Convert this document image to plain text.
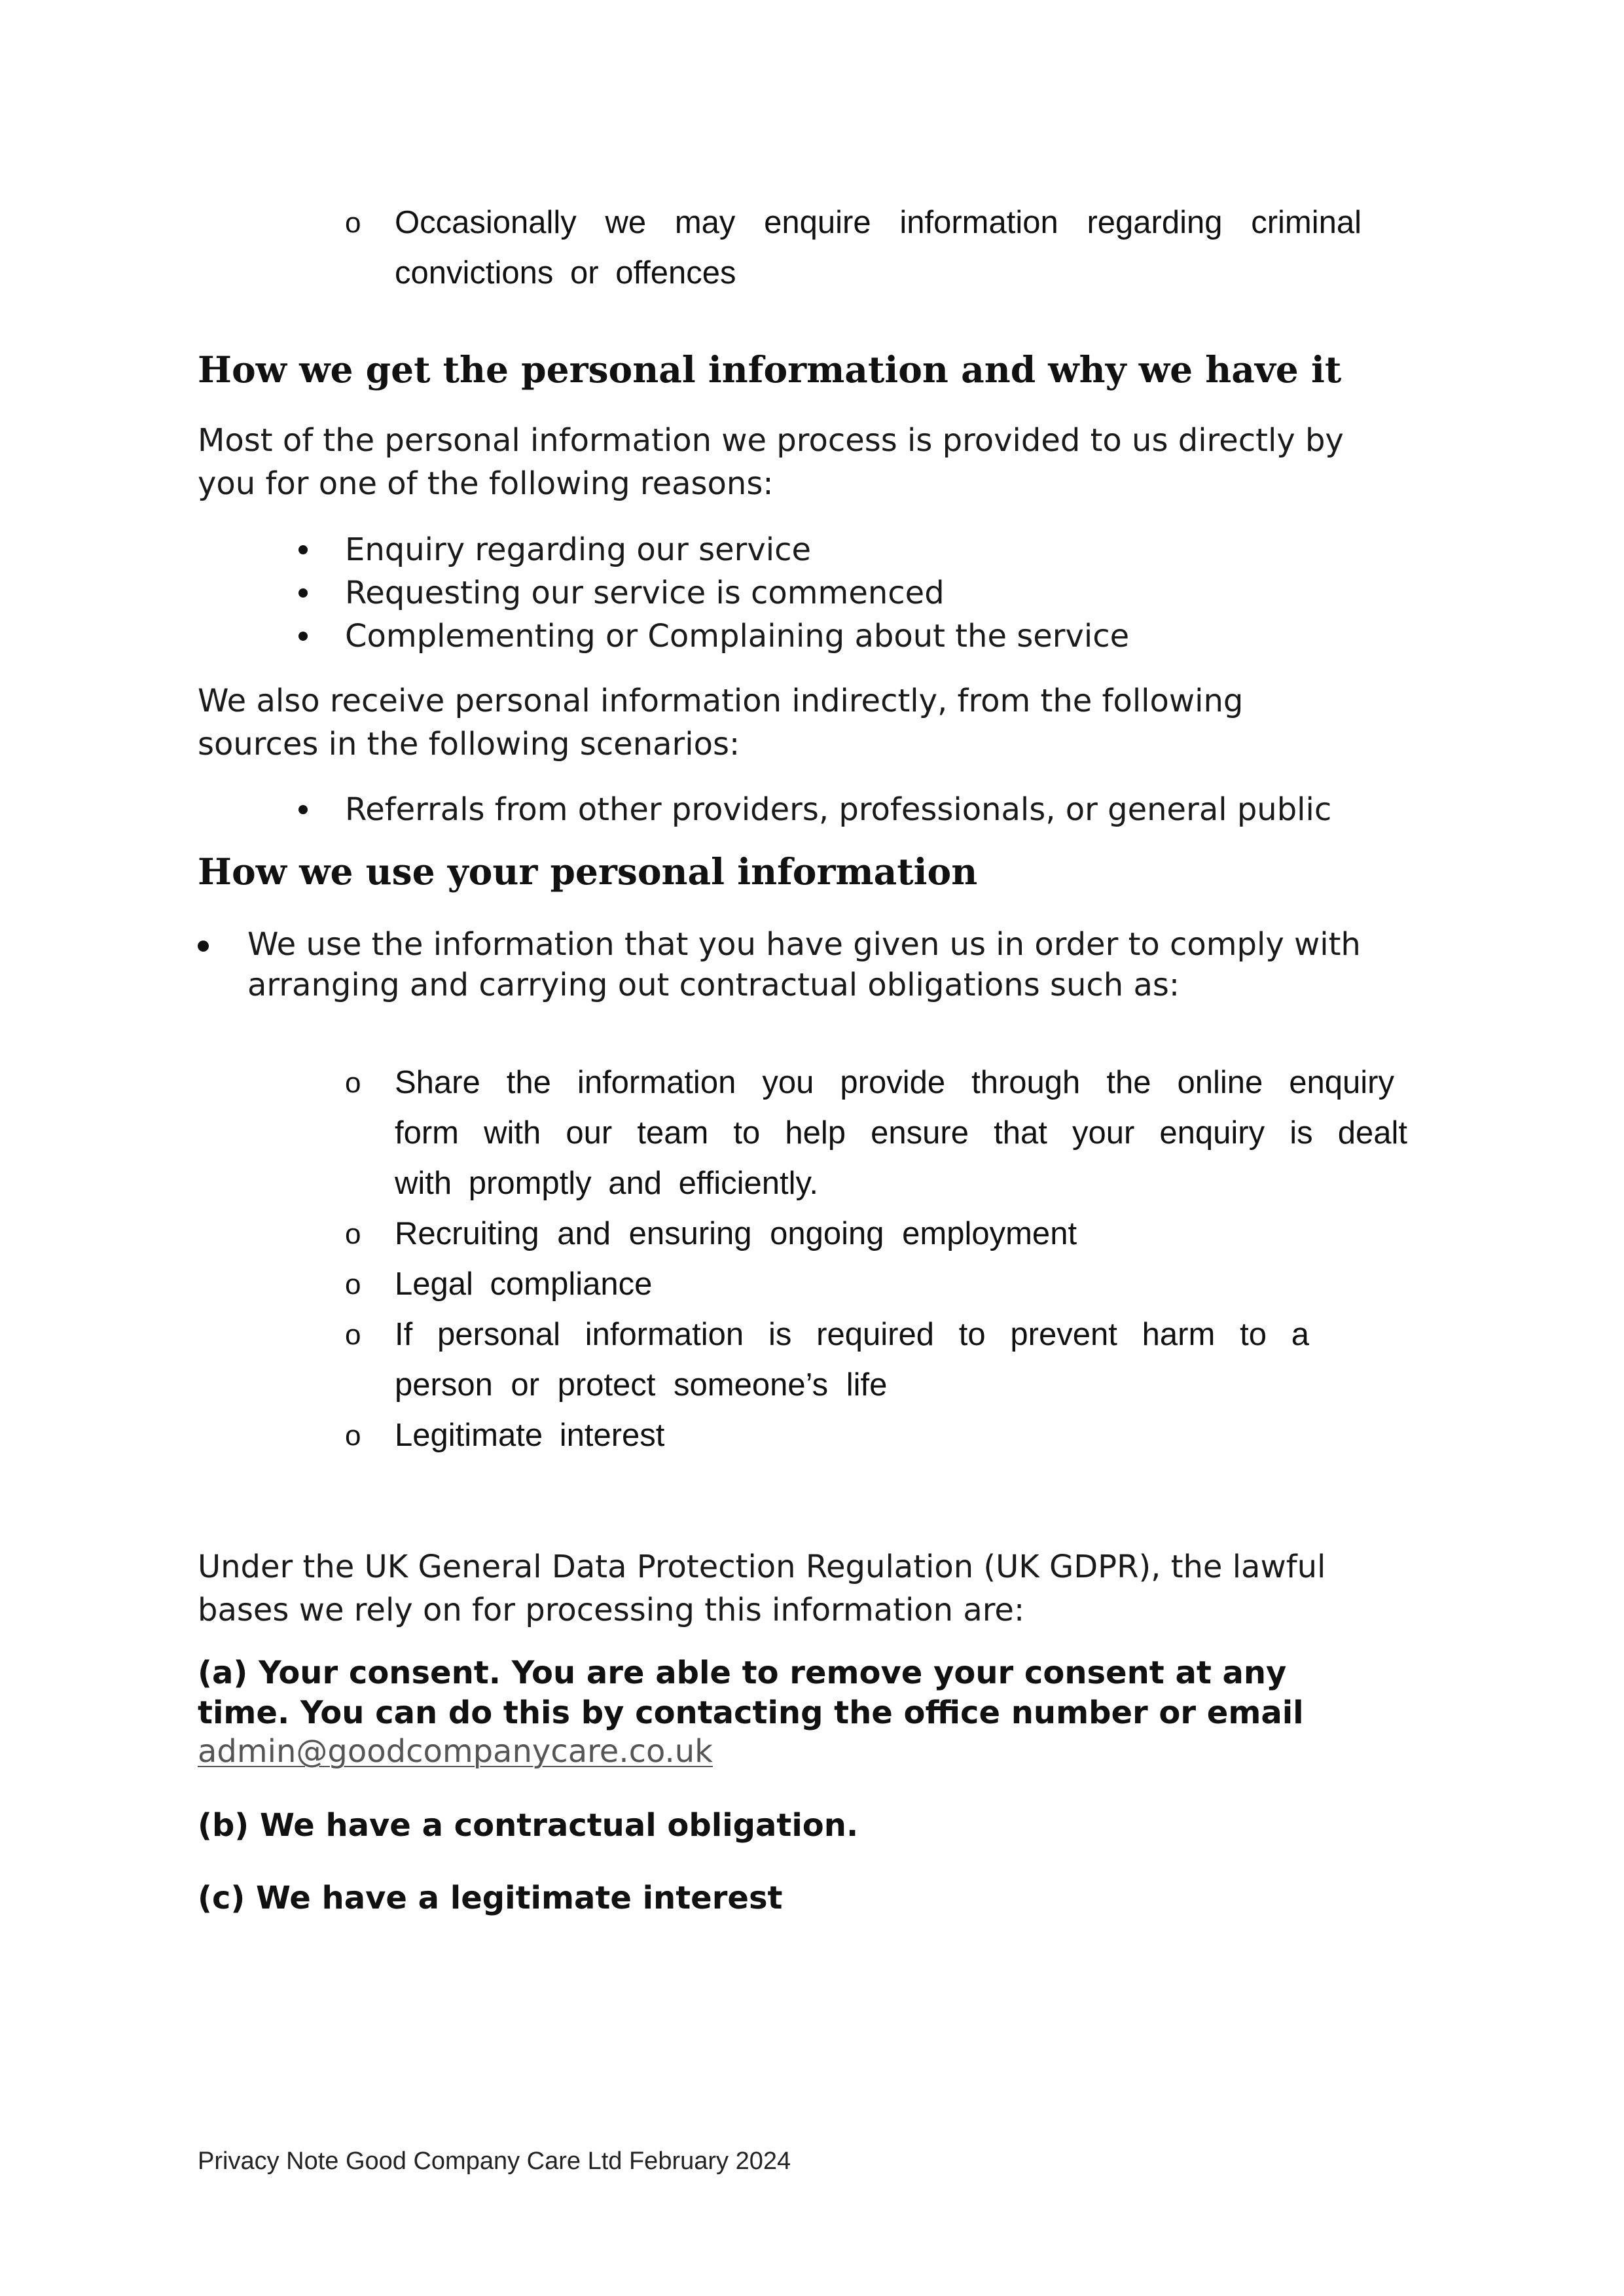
o Occasionally we may enquire information regarding criminal

convictions or offences

How we get the personal information and why we have it

Most of the personal information we process is provided to us directly by

you for one of the following reasons:

Enquiry regarding our service

Requesting our service is commenced

Complementing or Complaining about the service

We also receive personal information indirectly, from the following

sources in the following scenarios:

Referrals from other providers, professionals, or general public

How we use your personal information

We use the information that you have given us in order to comply with

arranging and carrying out contractual obligations such as:

o Share the information you provide through the online enquiry

form with our team to help ensure that your enquiry is dealt

with promptly and efficiently.

o Recruiting and ensuring ongoing employment

o Legal compliance

o If personal information is required to prevent harm to a

person or protect someone’s life

o Legitimate interest

Under the UK General Data Protection Regulation (UK GDPR), the lawful

bases we rely on for processing this information are:

(a) Your consent. You are able to remove your consent at any

time. You can do this by contacting the office number or email

admin@goodcompanycare.co.uk

(b) We have a contractual obligation.

(c) We have a legitimate interest

Privacy Note Good Company Care Ltd February 2024
